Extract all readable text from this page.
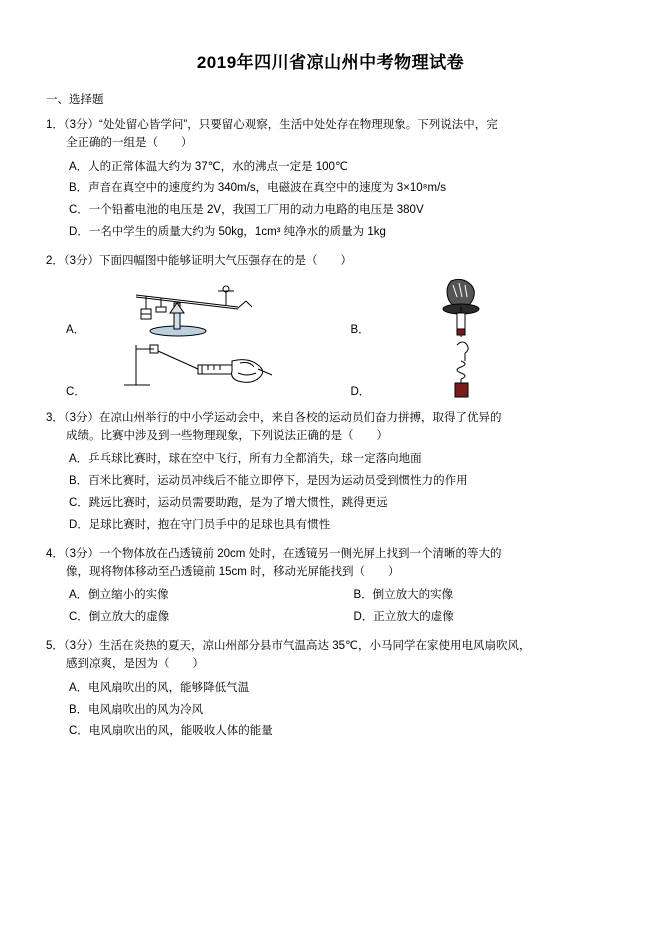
2019年四川省凉山州中考物理试卷
一、选择题
1．（3分）“处处留心皆学问”，只要留心观察，生活中处处存在物理现象。下列说法中，完
全正确的一组是（　　）
A．人的正常体温大约为 37℃，水的沸点一定是 100℃
B．声音在真空中的速度约为 340m/s，电磁波在真空中的速度为 3×10⁸m/s
C．一个铅蓄电池的电压是 2V，我国工厂用的动力电路的电压是 380V
D．一名中学生的质量大约为 50kg，1cm³ 纯净水的质量为 1kg
2．（3分）下面四幅图中能够证明大气压强存在的是（　　）
A．	B．
C．	D．
3．（3分）在凉山州举行的中小学运动会中，来自各校的运动员们奋力拼搏，取得了优异的
成绩。比赛中涉及到一些物理现象，下列说法正确的是（　　）
A．乒乓球比赛时，球在空中飞行，所有力全都消失，球一定落向地面
B．百米比赛时，运动员冲线后不能立即停下，是因为运动员受到惯性力的作用
C．跳远比赛时，运动员需要助跑，是为了增大惯性，跳得更远
D．足球比赛时，抱在守门员手中的足球也具有惯性
4．（3分）一个物体放在凸透镜前 20cm 处时，在透镜另一侧光屏上找到一个清晰的等大的
像，现将物体移动至凸透镜前 15cm 时，移动光屏能找到（　　）
A．倒立缩小的实像	B．倒立放大的实像
C．倒立放大的虚像	D．正立放大的虚像
5．（3分）生活在炎热的夏天，凉山州部分县市气温高达 35℃，小马同学在家使用电风扇吹风，
感到凉爽，是因为（　　）
A．电风扇吹出的风，能够降低气温
B．电风扇吹出的风为冷风
C．电风扇吹出的风，能吸收人体的能量
